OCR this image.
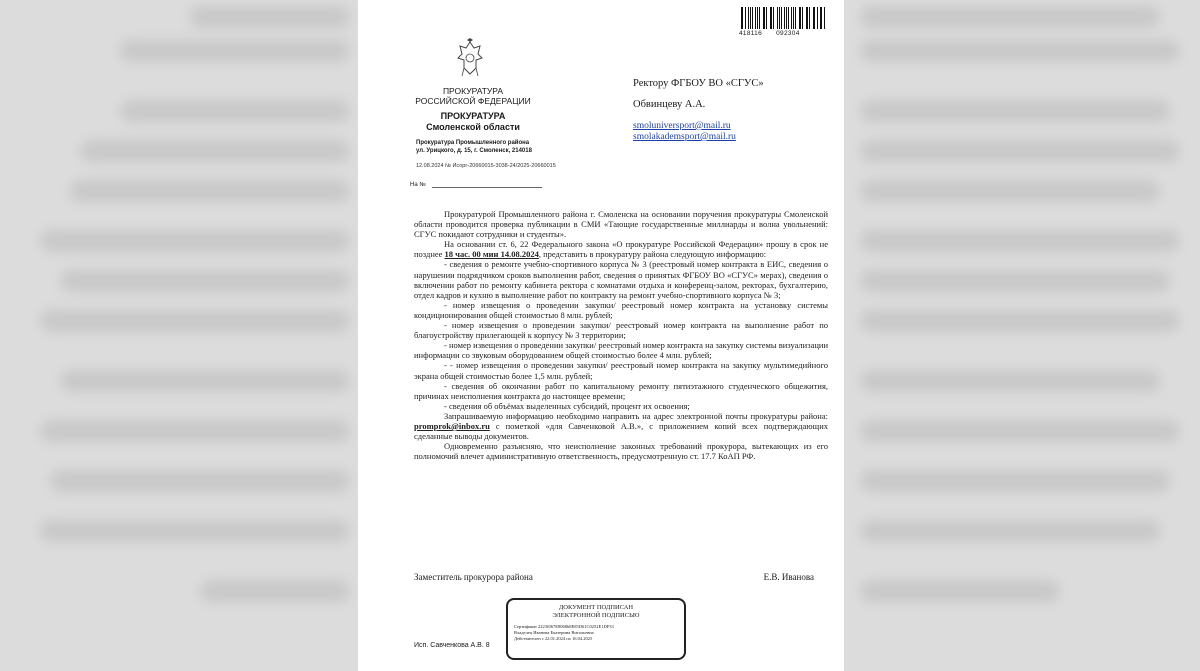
418116 092304
ПРОКУРАТУРА
РОССИЙСКОЙ ФЕДЕРАЦИИ
ПРОКУРАТУРА
Смоленской области
Прокуратура Промышленного района
ул. Урицкого, д. 15, г. Смоленск, 214018
12.08.2024 № Исорг-20660015-3038-24/2025-20660015
На №
Ректору ФГБОУ ВО «СГУС»
Обвинцеву А.А.
smoluniversport@mail.ru
smolakademsport@mail.ru

Прокуратурой Промышленного района г. Смоленска на основании поручения прокуратуры Смоленской области проводится проверка публикации в СМИ «Тающие государственные миллиарды и волна увольнений: СГУС покидают сотрудники и студенты».

На основании ст. 6, 22 Федерального закона «О прокуратуре Российской Федерации» прошу в срок не позднее 18 час. 00 мин 14.08.2024, представить в прокуратуру района следующую информацию:

- сведения о ремонте учебно-спортивного корпуса № 3 (реестровый номер контракта в ЕИС, сведения о нарушении подрядчиком сроков выполнения работ, сведения о принятых ФГБОУ ВО «СГУС» мерах), сведения о включении работ по ремонту кабинета ректора с комнатами отдыха и конференц-залом, ректорах, бухгалтерию, отдел кадров и кухню в выполнение работ по контракту на ремонт учебно-спортивного корпуса № 3;

- номер извещения о проведении закупки/ реестровый номер контракта на установку системы кондиционирования общей стоимостью 8 млн. рублей;

- номер извещения о проведении закупки/ реестровый номер контракта на выполнение работ по благоустройству прилегающей к корпусу № 3 территории;

- номер извещения о проведении закупки/ реестровый номер контракта на закупку системы визуализации информации со звуковым оборудованием общей стоимостью более 4 млн. рублей;

- - номер извещения о проведении закупки/ реестровый номер контракта на закупку мультимедийного экрана общей стоимостью более 1,5 млн. рублей;

- сведения об окончании работ по капитальному ремонту пятиэтажного студенческого общежития, причинах неисполнения контракта до настоящее времени;

- сведения об объёмах выделенных субсидий, процент их освоения;

Запрашиваемую информацию необходимо направить на адрес электронной почты прокуратуры района: promprok@inbox.ru с пометкой «для Савченковой А.В.», с приложением копий всех подтверждающих сделанные выводы документов.

Одновременно разъясняю, что неисполнение законных требований прокурора, вытекающих из его полномочий влечет административную ответственность, предусмотренную ст. 17.7 КоАП РФ.

Заместитель прокурора района	Е.В. Иванова
ДОКУМЕНТ ПОДПИСАН
ЭЛЕКТРОННОЙ ПОДПИСЬЮ
Сертификат 2223f067E8068b8E85D61C0252E1DF33
Владелец Иванова Екатерина Витальевна
Действителен с 22.01.2024 по 16.04.2025
Исп. Савченкова А.В. 8
